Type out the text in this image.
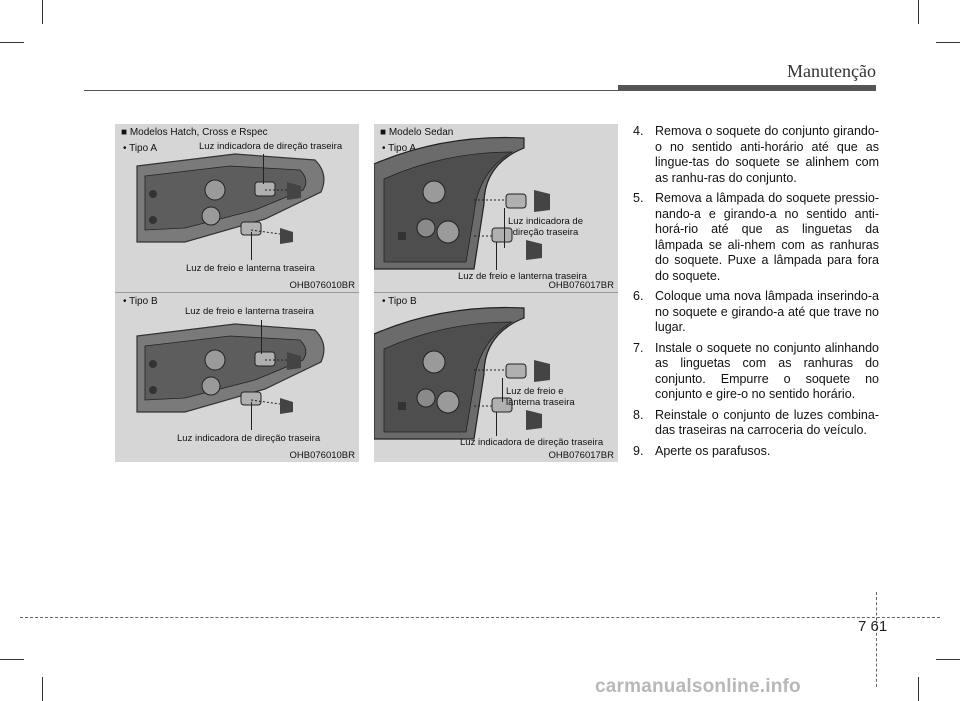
Manutenção
■ Modelos Hatch, Cross e Rspec
• Tipo A	Luz indicadora de direção traseira
Luz de freio e lanterna traseira
OHB076010BR
• Tipo B
Luz de freio e lanterna traseira
Luz indicadora de direção traseira
OHB076010BR
■ Modelo Sedan
• Tipo A
Luz indicadora de
direção traseira
Luz de freio e lanterna traseira
OHB076017BR
• Tipo B
Luz de freio e
lanterna traseira
Luz indicadora de direção traseira
OHB076017BR
4. Remova o soquete do conjunto girando-o no sentido anti-horário até que as lingue-tas do soquete se alinhem com as ranhu-ras do conjunto.
5. Remova a lâmpada do soquete pressio-nando-a e girando-a no sentido anti-horá-rio até que as linguetas da lâmpada se ali-nhem com as ranhuras do soquete. Puxe a lâmpada para fora do soquete.
6. Coloque uma nova lâmpada inserindo-a no soquete e girando-a até que trave no lugar.
7. Instale o soquete no conjunto alinhando as linguetas com as ranhuras do conjunto. Empurre o soquete no conjunto e gire-o no sentido horário.
8. Reinstale o conjunto de luzes combina-das traseiras na carroceria do veículo.
9. Aperte os parafusos.
7 61
carmanualsonline.info
